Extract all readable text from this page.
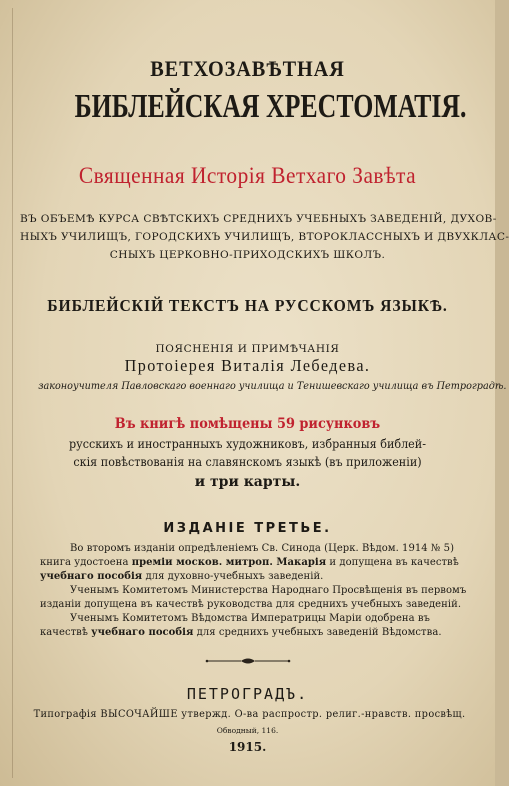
ВЕТХОЗАВѢТНАЯ
БИБЛЕЙСКАЯ ХРЕСТОМАТІЯ.
Священная Исторія Ветхаго Завѣта
ВЪ ОБЪЕМѢ КУРСА СВѢТСКИХЪ СРЕДНИХЪ УЧЕБНЫХЪ ЗАВЕДЕНІЙ, ДУХОВ-
НЫХЪ УЧИЛИЩЪ, ГОРОДСКИХЪ УЧИЛИЩЪ, ВТОРОКЛАССНЫХЪ И ДВУХКЛАС-
СНЫХЪ ЦЕРКОВНО-ПРИХОДСКИХЪ ШКОЛЪ.
БИБЛЕЙСКІЙ ТЕКСТЪ НА РУССКОМЪ ЯЗЫКѢ.
ПОЯСНЕНІЯ И ПРИМѢЧАНІЯ
Протоіерея Виталія Лебедева.
законоучителя Павловскаго военнаго училища и Тенишевскаго училища въ Петроградѣ.
Въ книгѣ помѣщены 59 рисунковъ
русскихъ и иностранныхъ художниковъ, избранныя библей-
скія повѣствованія на славянскомъ языкѣ (въ приложеніи)
и три карты.
ИЗДАНІЕ ТРЕТЬЕ.
Во второмъ изданіи опредѣленіемъ Св. Синода (Церк. Вѣдом. 1914 № 5)
книга удостоена преміи москов. митроп. Макарія и допущена въ качествѣ
учебнаго пособія для духовно-учебныхъ заведеній.
Ученымъ Комитетомъ Министерства Народнаго Просвѣщенія въ первомъ
изданіи допущена въ качествѣ руководства для среднихъ учебныхъ заведеній.
Ученымъ Комитетомъ Вѣдомства Императрицы Маріи одобрена въ
качествѣ учебнаго пособія для среднихъ учебныхъ заведеній Вѣдомства.
ПЕТРОГРАДЪ.
Типографія ВЫСОЧАЙШЕ утвержд. О-ва распростр. религ.-нравств. просвѣщ.
Обводный, 116.
1915.
